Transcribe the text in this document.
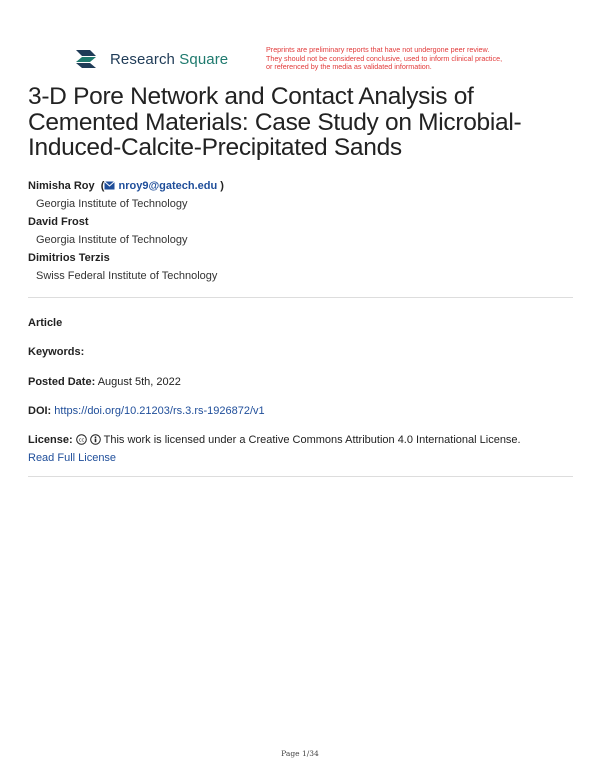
Research Square
Preprints are preliminary reports that have not undergone peer review.
They should not be considered conclusive, used to inform clinical practice,
or referenced by the media as validated information.
3-D Pore Network and Contact Analysis of
Cemented Materials: Case Study on Microbial-
Induced-Calcite-Precipitated Sands
Nimisha Roy  ( nroy9@gatech.edu )
Georgia Institute of Technology
David Frost
Georgia Institute of Technology
Dimitrios Terzis
Swiss Federal Institute of Technology
Article
Keywords:
Posted Date: August 5th, 2022
DOI: https://doi.org/10.21203/rs.3.rs-1926872/v1
License: cc This work is licensed under a Creative Commons Attribution 4.0 International License.
Read Full License
Page 1/34
